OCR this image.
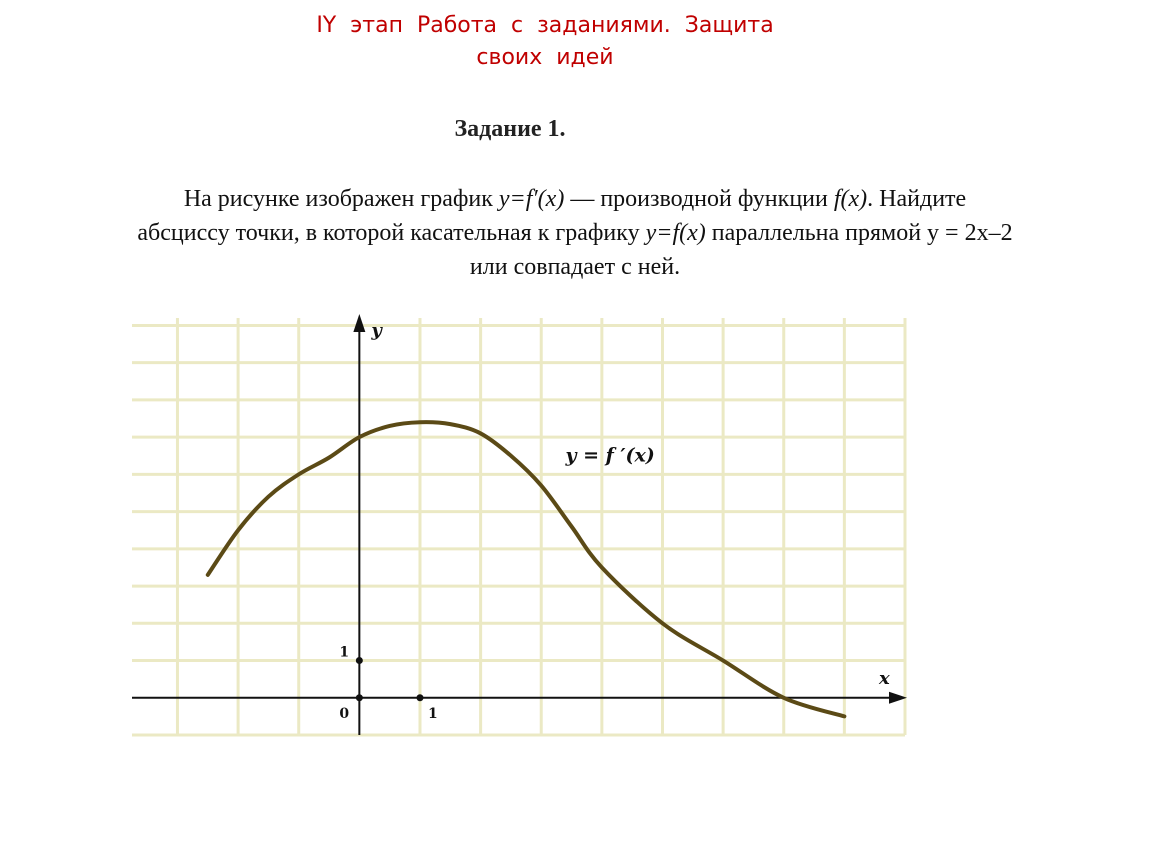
IY  этап  Работа  с  заданиями.  Защита
своих  идей
Задание 1.
На рисунке изображен график y=f′(x) — производной функции f(x). Найдите
абсциссу точки, в которой касательная к графику y=f(x) параллельна прямой y = 2x–2
или совпадает с ней.
y
x
0	1
1
y = f ′(x)
